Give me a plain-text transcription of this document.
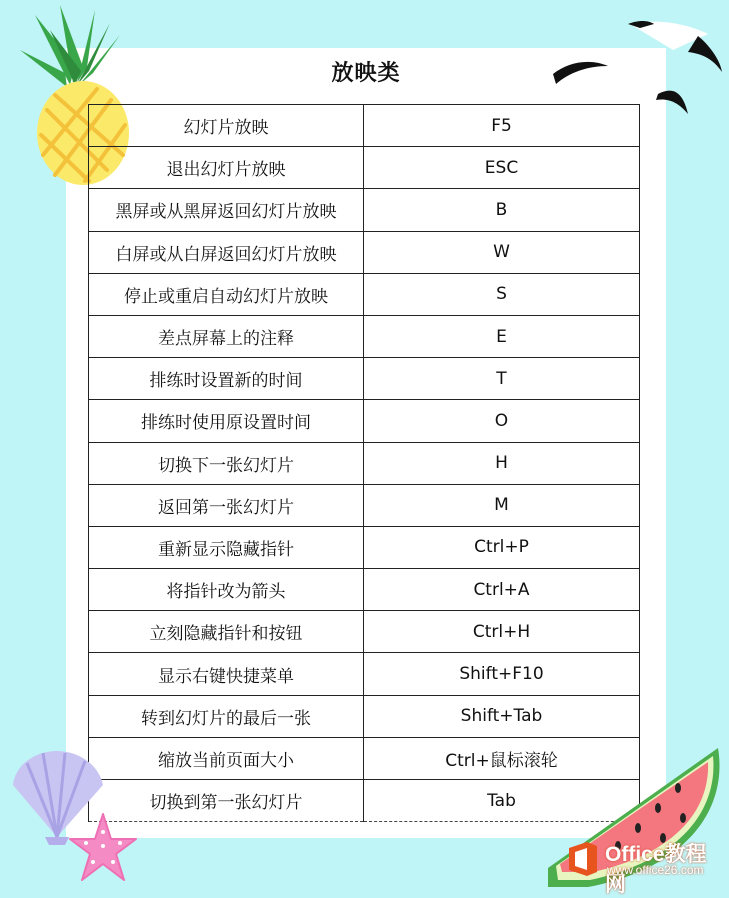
放映类
幻灯片放映	F5
退出幻灯片放映	ESC
黑屏或从黑屏返回幻灯片放映	B
白屏或从白屏返回幻灯片放映	W
停止或重启自动幻灯片放映	S
差点屏幕上的注释	E
排练时设置新的时间	T
排练时使用原设置时间	O
切换下一张幻灯片	H
返回第一张幻灯片	M
重新显示隐藏指针	Ctrl+P
将指针改为箭头	Ctrl+A
立刻隐藏指针和按钮	Ctrl+H
显示右键快捷菜单	Shift+F10
转到幻灯片的最后一张	Shift+Tab
缩放当前页面大小	Ctrl+鼠标滚轮
切换到第一张幻灯片	Tab
Office教程网
www.office26.com
